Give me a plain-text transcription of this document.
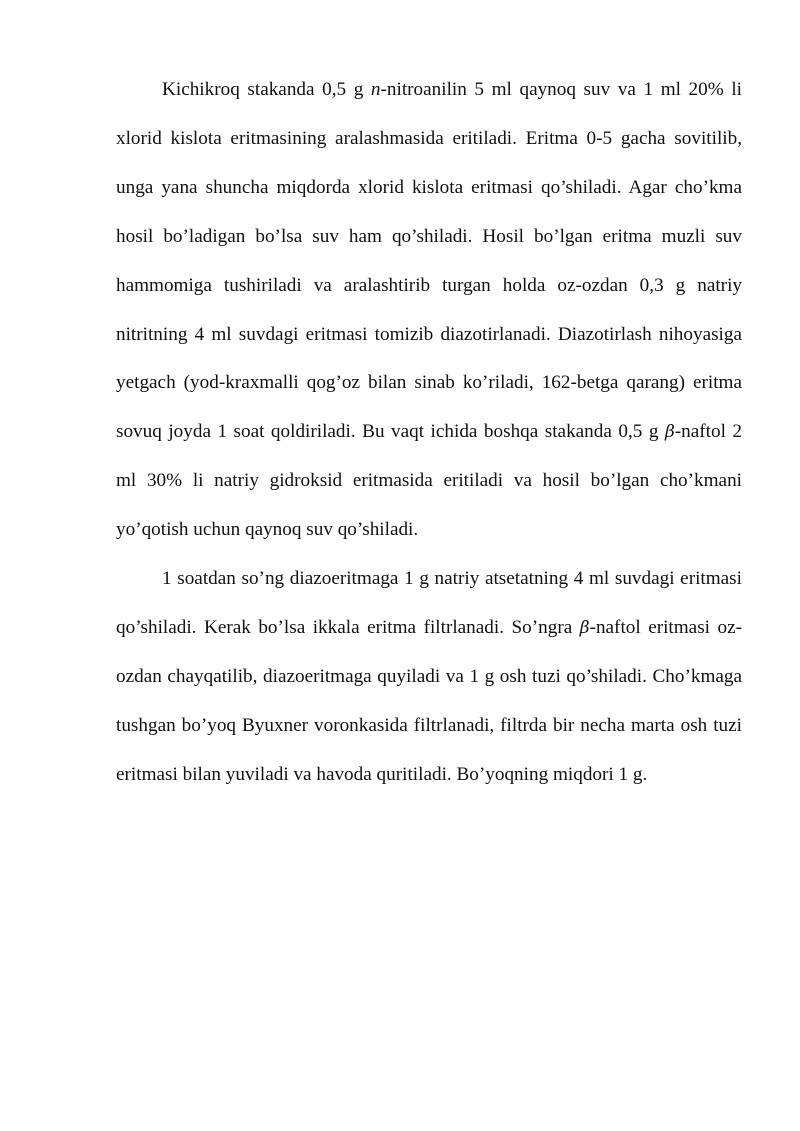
Kichikroq stakanda 0,5 g n-nitroanilin 5 ml qaynoq suv va 1 ml 20% li xlorid kislota eritmasining aralashmasida eritiladi. Eritma 0-5 gacha sovitilib, unga yana shuncha miqdorda xlorid kislota eritmasi qo’shiladi. Agar cho’kma hosil bo’ladigan bo’lsa suv ham qo’shiladi. Hosil bo’lgan eritma muzli suv hammomiga tushiriladi va aralashtirib turgan holda oz-ozdan 0,3 g natriy nitritning 4 ml suvdagi eritmasi tomizib diazotirlanadi. Diazotirlash nihoyasiga yetgach (yod-kraxmalli qog’oz bilan sinab ko’riladi, 162-betga qarang) eritma sovuq joyda 1 soat qoldiriladi. Bu vaqt ichida boshqa stakanda 0,5 g β-naftol 2 ml 30% li natriy gidroksid eritmasida eritiladi va hosil bo’lgan cho’kmani yo’qotish uchun qaynoq suv qo’shiladi.

1 soatdan so’ng diazoeritmaga 1 g natriy atsetatning 4 ml suvdagi eritmasi qo’shiladi. Kerak bo’lsa ikkala eritma filtrlanadi. So’ngra β-naftol eritmasi oz-ozdan chayqatilib, diazoeritmaga quyiladi va 1 g osh tuzi qo’shiladi. Cho’kmaga tushgan bo’yoq Byuxner voronkasida filtrlanadi, filtrda bir necha marta osh tuzi eritmasi bilan yuviladi va havoda quritiladi. Bo’yoqning miqdori 1 g.
